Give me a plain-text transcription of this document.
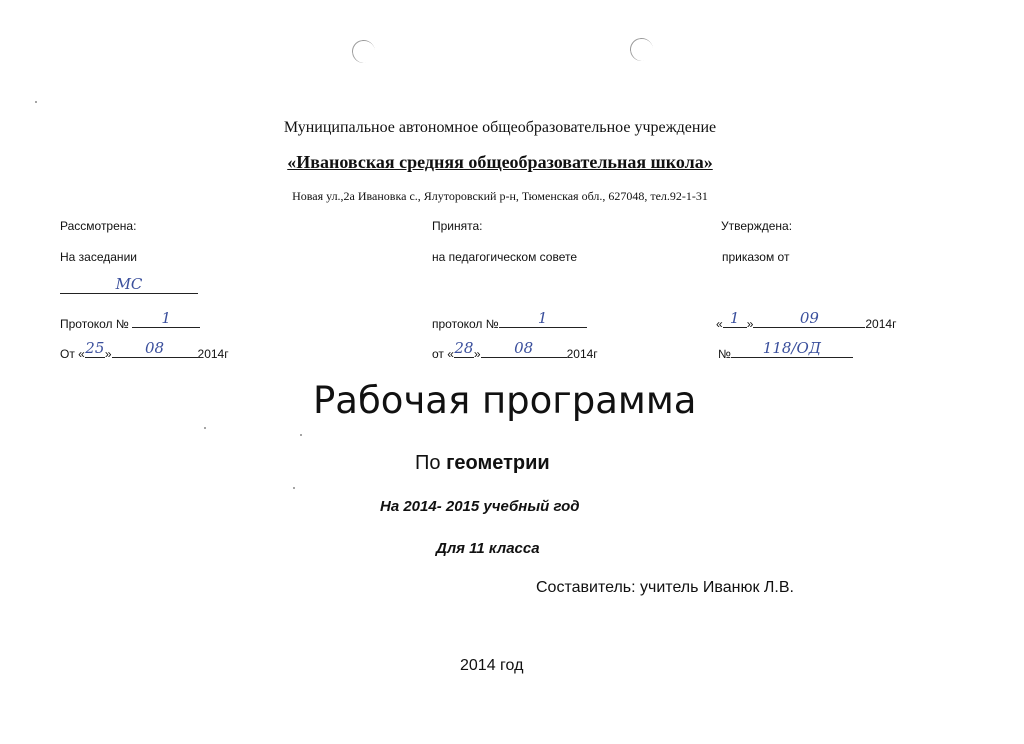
Муниципальное автономное общеобразовательное учреждение
«Ивановская средняя общеобразовательная школа»
Новая ул.,2а Ивановка с., Ялуторовский р-н, Тюменская обл., 627048, тел.92-1-31
Рассмотрена:
На заседании
МС
Протокол №	1
От « 25 »	08	2014г
Принята:
на педагогическом совете
протокол №	1
от « 28 »	08	2014г
Утверждена:
приказом от
« 1 »	09	2014г
№	118/ОД
Рабочая программа
По геометрии
На 2014- 2015 учебный год
Для 11 класса
Составитель: учитель Иванюк Л.В.
2014 год
